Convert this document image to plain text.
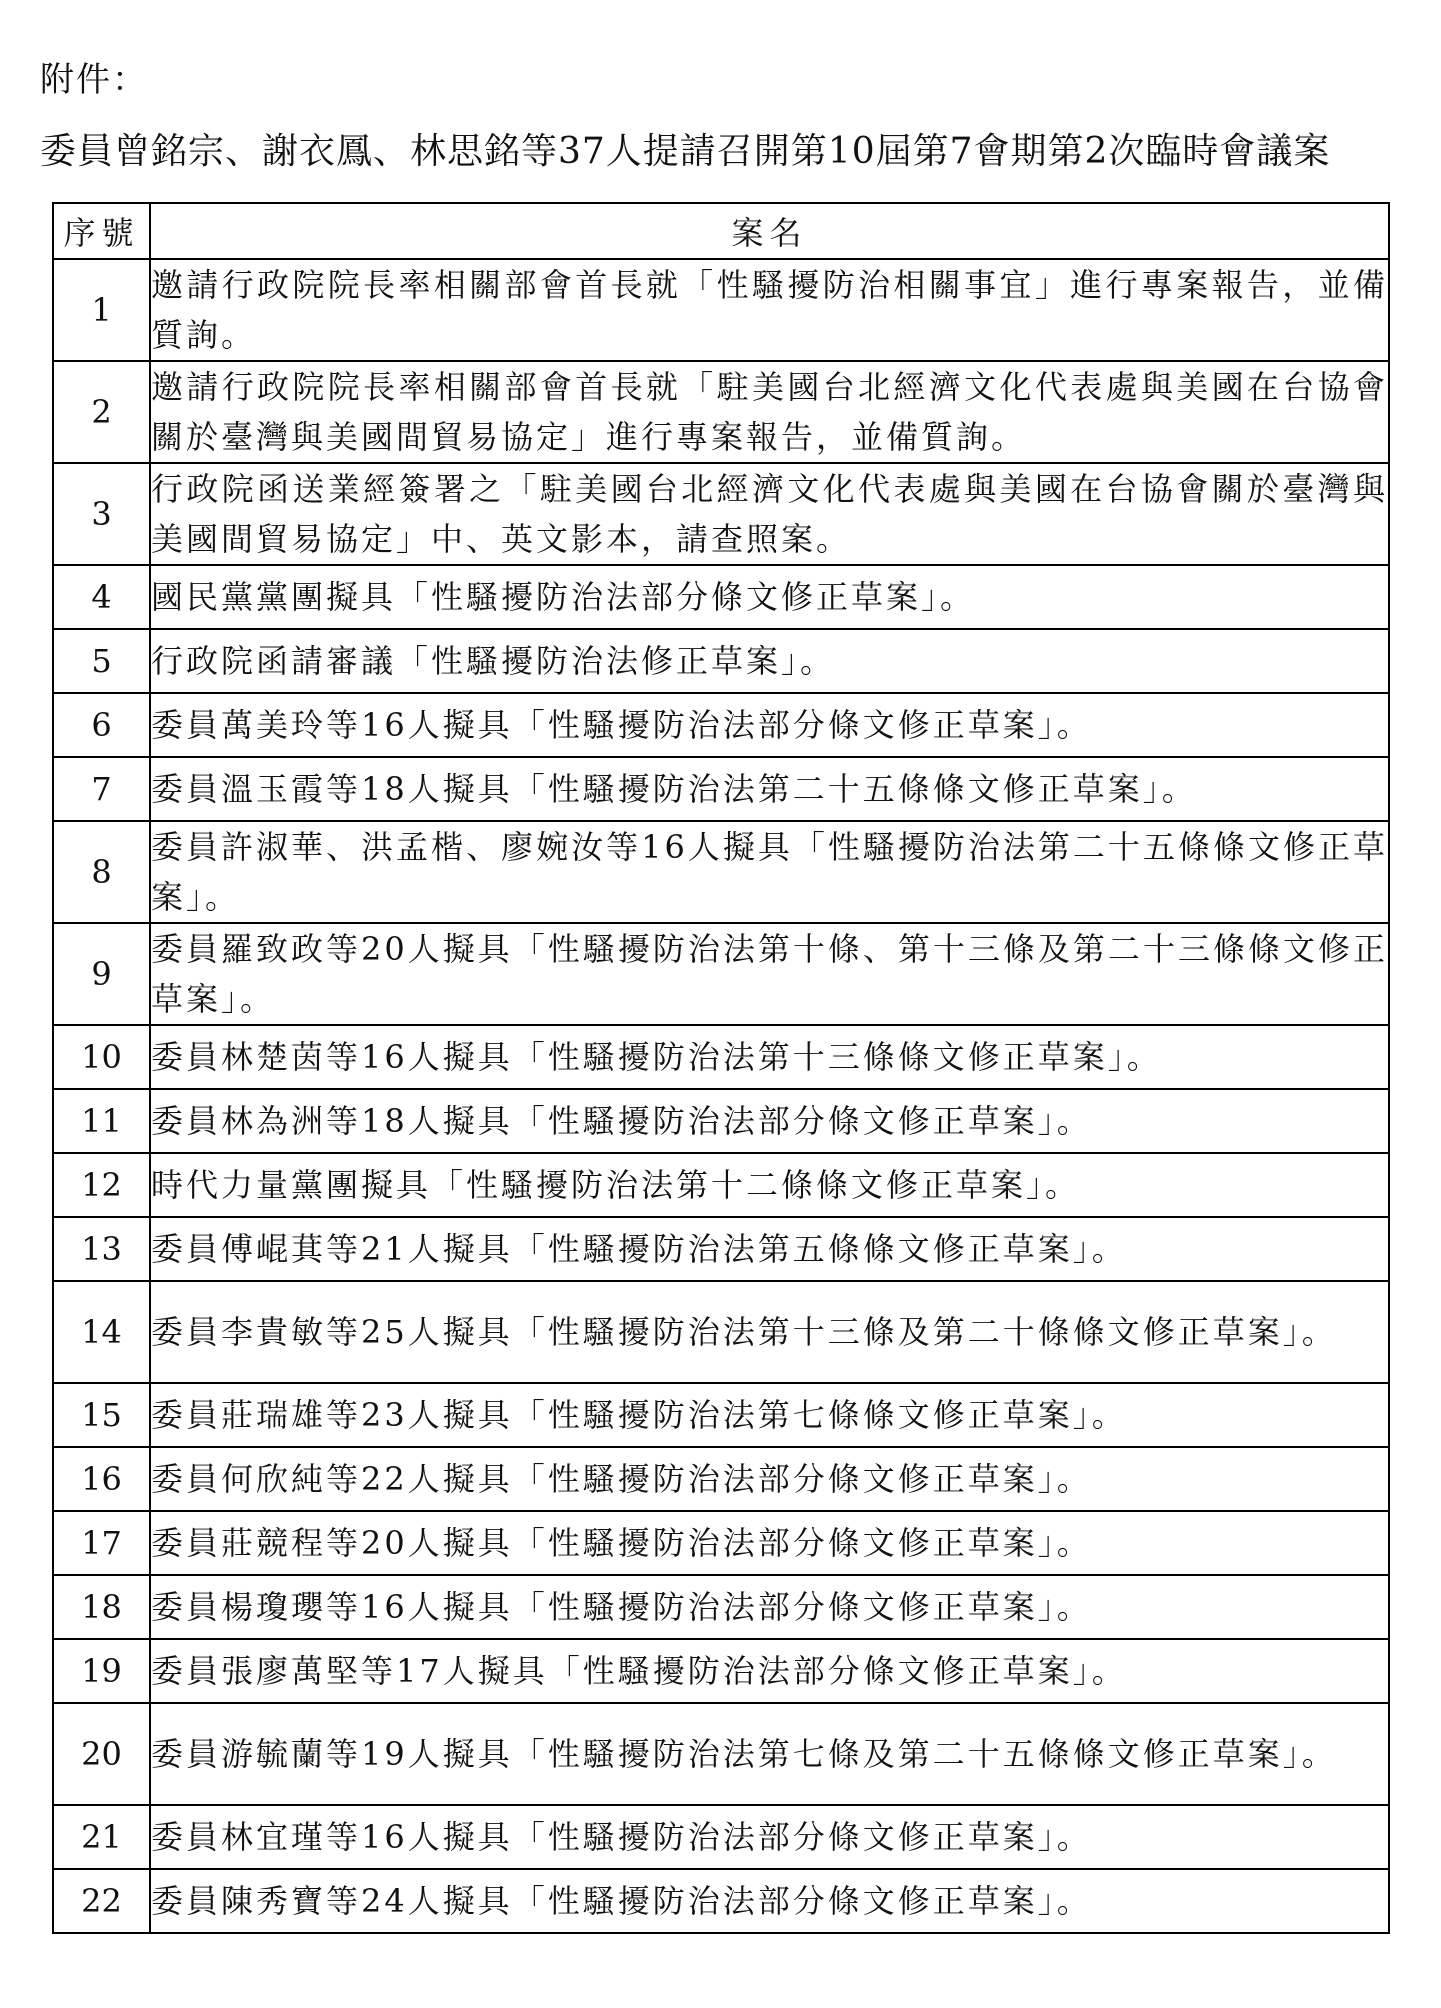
附件：
委員曾銘宗、謝衣鳳、林思銘等37人提請召開第10屆第7會期第2次臨時會議案
序號	案名
1	邀請行政院院長率相關部會首長就「性騷擾防治相關事宜」進行專案報告，並備質詢。
2	邀請行政院院長率相關部會首長就「駐美國台北經濟文化代表處與美國在台協會關於臺灣與美國間貿易協定」進行專案報告，並備質詢。
3	行政院函送業經簽署之「駐美國台北經濟文化代表處與美國在台協會關於臺灣與美國間貿易協定」中、英文影本，請查照案。
4	國民黨黨團擬具「性騷擾防治法部分條文修正草案」。
5	行政院函請審議「性騷擾防治法修正草案」。
6	委員萬美玲等16人擬具「性騷擾防治法部分條文修正草案」。
7	委員溫玉霞等18人擬具「性騷擾防治法第二十五條條文修正草案」。
8	委員許淑華、洪孟楷、廖婉汝等16人擬具「性騷擾防治法第二十五條條文修正草案」。
9	委員羅致政等20人擬具「性騷擾防治法第十條、第十三條及第二十三條條文修正草案」。
10	委員林楚茵等16人擬具「性騷擾防治法第十三條條文修正草案」。
11	委員林為洲等18人擬具「性騷擾防治法部分條文修正草案」。
12	時代力量黨團擬具「性騷擾防治法第十二條條文修正草案」。
13	委員傅崐萁等21人擬具「性騷擾防治法第五條條文修正草案」。
14	委員李貴敏等25人擬具「性騷擾防治法第十三條及第二十條條文修正草案」。
15	委員莊瑞雄等23人擬具「性騷擾防治法第七條條文修正草案」。
16	委員何欣純等22人擬具「性騷擾防治法部分條文修正草案」。
17	委員莊競程等20人擬具「性騷擾防治法部分條文修正草案」。
18	委員楊瓊瓔等16人擬具「性騷擾防治法部分條文修正草案」。
19	委員張廖萬堅等17人擬具「性騷擾防治法部分條文修正草案」。
20	委員游毓蘭等19人擬具「性騷擾防治法第七條及第二十五條條文修正草案」。
21	委員林宜瑾等16人擬具「性騷擾防治法部分條文修正草案」。
22	委員陳秀寶等24人擬具「性騷擾防治法部分條文修正草案」。
